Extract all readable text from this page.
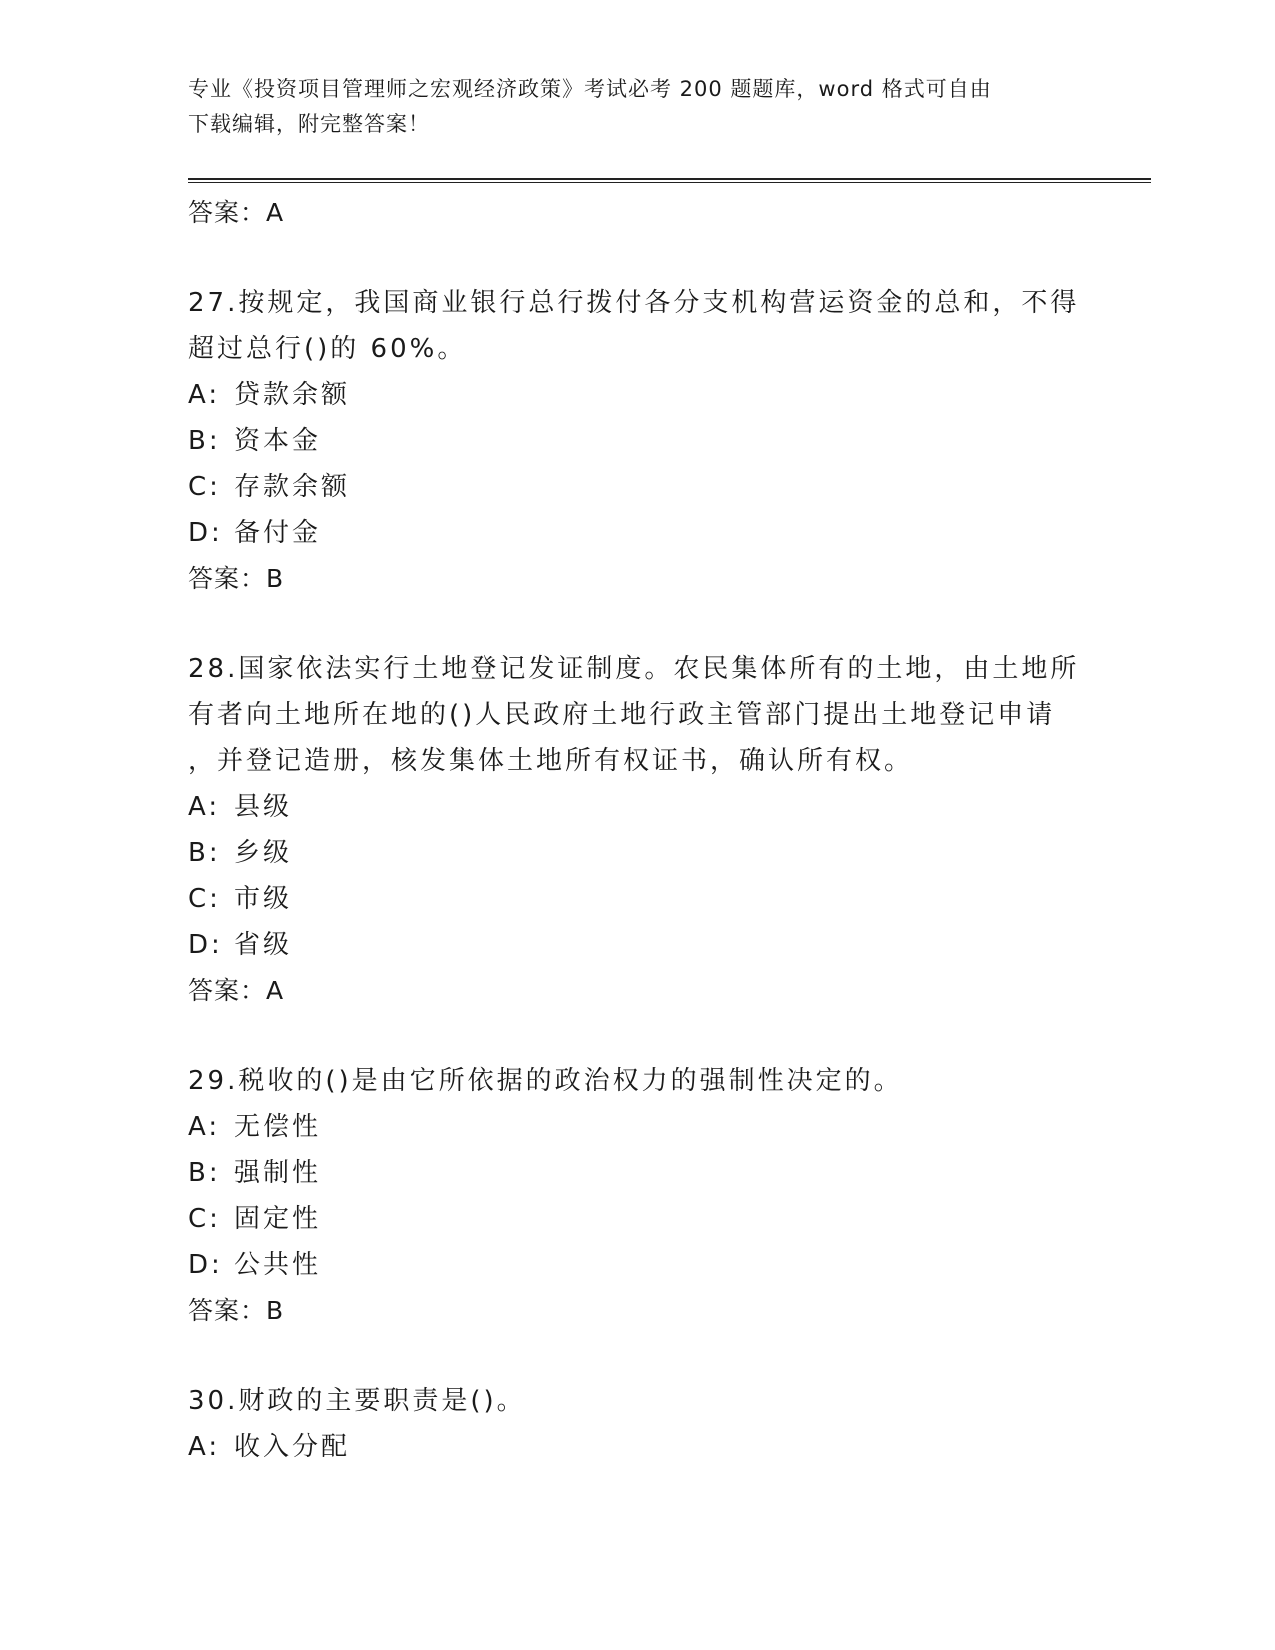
专业《投资项目管理师之宏观经济政策》考试必考 200 题题库，word 格式可自由
下载编辑，附完整答案！
答案：A
27.按规定，我国商业银行总行拨付各分支机构营运资金的总和，不得
超过总行()的 60%。
A: 贷款余额
B: 资本金
C: 存款余额
D: 备付金
答案：B
28.国家依法实行土地登记发证制度。农民集体所有的土地，由土地所
有者向土地所在地的()人民政府土地行政主管部门提出土地登记申请
，并登记造册，核发集体土地所有权证书，确认所有权。
A: 县级
B: 乡级
C: 市级
D: 省级
答案：A
29.税收的()是由它所依据的政治权力的强制性决定的。
A: 无偿性
B: 强制性
C: 固定性
D: 公共性
答案：B
30.财政的主要职责是()。
A: 收入分配
